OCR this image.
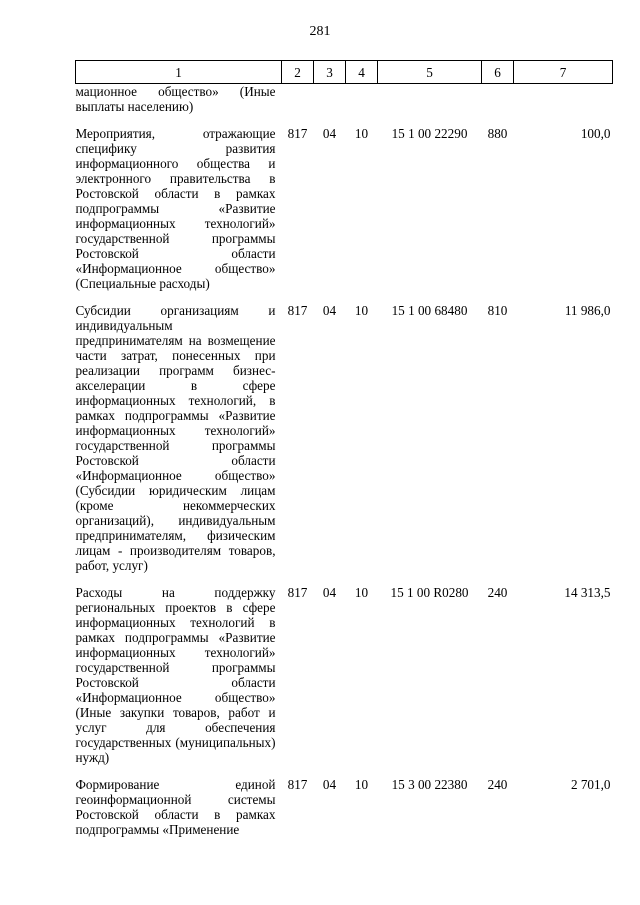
281
1	2	3	4	5	6	7
мационное общество» (Иные выплаты населению)						

Мероприятия, отражающие специфику развития информационного общества и электронного правительства в Ростовской области в рамках подпрограммы «Развитие информационных технологий» государственной программы Ростовской области «Информационное общество» (Специальные расходы)	817	04	10	15 1 00 22290	880	100,0

Субсидии организациям и индивидуальным предпринимателям на возмещение части затрат, понесенных при реализации программ бизнес-акселерации в сфере информационных технологий, в рамках подпрограммы «Развитие информационных технологий» государственной программы Ростовской области «Информационное общество» (Субсидии юридическим лицам (кроме некоммерческих организаций), индивидуальным предпринимателям, физическим лицам - производителям товаров, работ, услуг)	817	04	10	15 1 00 68480	810	11 986,0

Расходы на поддержку региональных проектов в сфере информационных технологий в рамках подпрограммы «Развитие информационных технологий» государственной программы Ростовской области «Информационное общество» (Иные закупки товаров, работ и услуг для обеспечения государственных (муниципальных) нужд)	817	04	10	15 1 00 R0280	240	14 313,5

Формирование единой геоинформационной системы Ростовской области в рамках подпрограммы «Применение	817	04	10	15 3 00 22380	240	2 701,0
